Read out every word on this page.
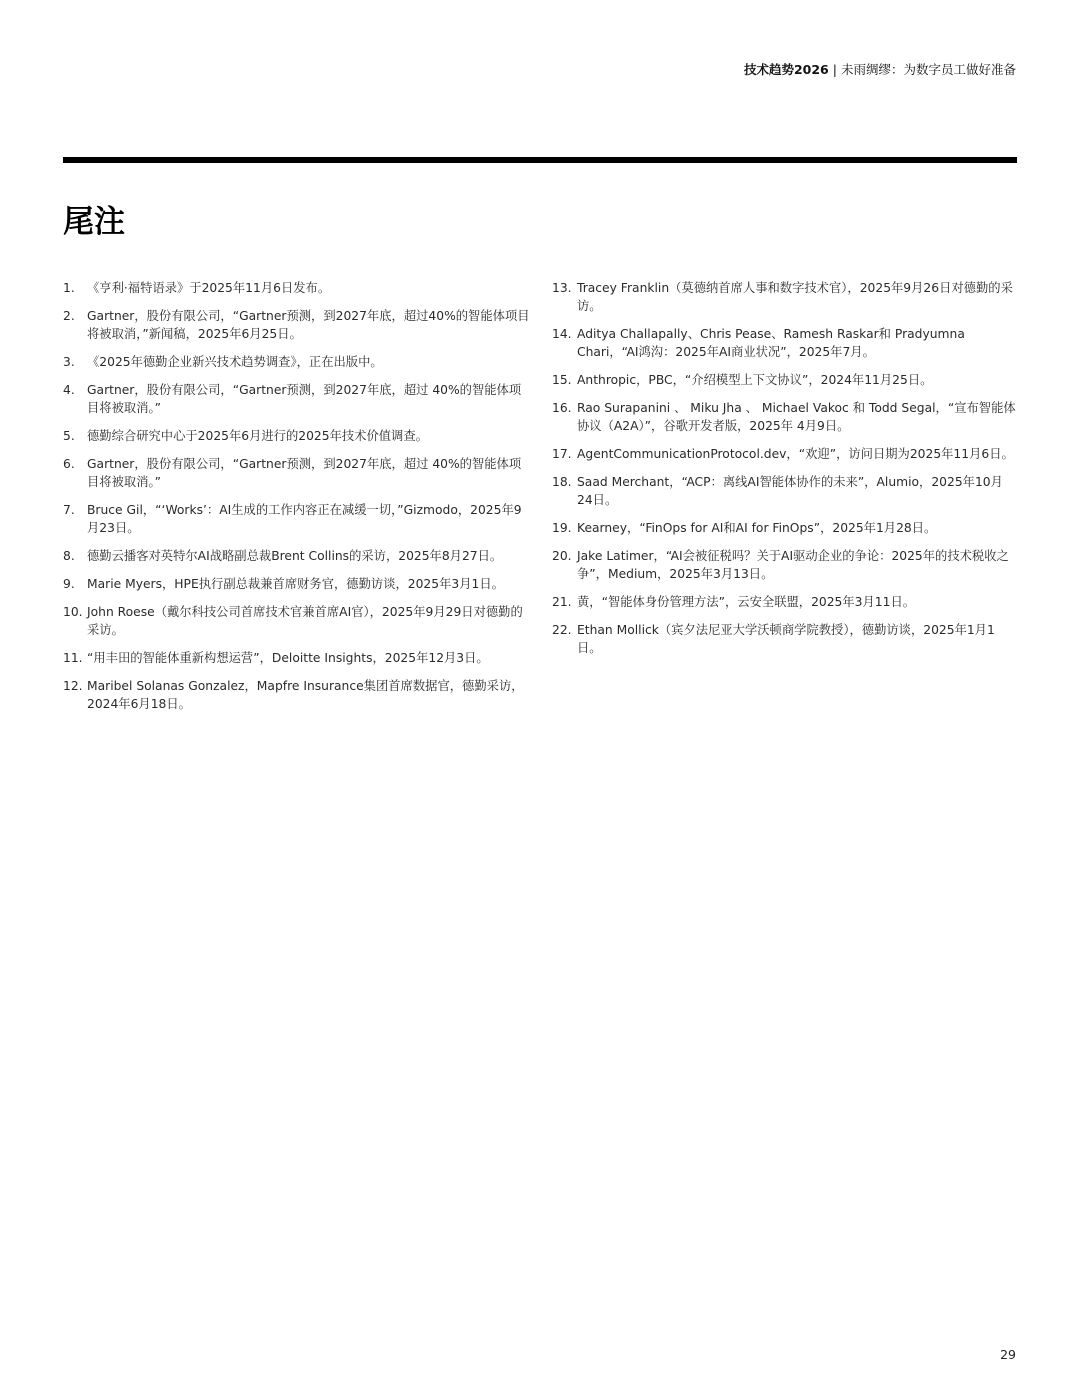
技术趋势2026 | 未雨绸缪：为数字员工做好准备
尾注
1. 《亨利·福特语录》于2025年11月6日发布。
2. Gartner，股份有限公司，“Gartner预测，到2027年底，超过40%的智能体项目将被取消，”新闻稿，2025年6月25日。
3. 《2025年德勤企业新兴技术趋势调查》，正在出版中。
4. Gartner，股份有限公司，“Gartner预测，到2027年底，超过 40%的智能体项目将被取消。”
5. 德勤综合研究中心于2025年6月进行的2025年技术价值调查。
6. Gartner，股份有限公司，“Gartner预测，到2027年底，超过 40%的智能体项目将被取消。”
7. Bruce Gil，“‘Works’：AI生成的工作内容正在减缓一切，”Gizmodo，2025年9月23日。
8. 德勤云播客对英特尔AI战略副总裁Brent Collins的采访，2025年8月27日。
9. Marie Myers，HPE执行副总裁兼首席财务官，德勤访谈，2025年3月1日。
10. John Roese（戴尔科技公司首席技术官兼首席AI官），2025年9月29日对德勤的采访。
11. “用丰田的智能体重新构想运营”，Deloitte Insights，2025年12月3日。
12. Maribel Solanas Gonzalez，Mapfre Insurance集团首席数据官，德勤采访，2024年6月18日。
13. Tracey Franklin（莫德纳首席人事和数字技术官），2025年9月26日对德勤的采访。
14. Aditya Challapally、Chris Pease、Ramesh Raskar和 Pradyumna Chari，“AI鸿沟：2025年AI商业状况”，2025年7月。
15. Anthropic，PBC，“介绍模型上下文协议”，2024年11月25日。
16. Rao Surapanini 、 Miku Jha 、 Michael Vakoc 和 Todd Segal，“宣布智能体协议（A2A）”，谷歌开发者版，2025年 4月9日。
17. AgentCommunicationProtocol.dev，“欢迎”，访问日期为2025年11月6日。
18. Saad Merchant，“ACP：离线AI智能体协作的未来”，Alumio，2025年10月24日。
19. Kearney，“FinOps for AI和AI for FinOps”，2025年1月28日。
20. Jake Latimer，“AI会被征税吗？关于AI驱动企业的争论：2025年的技术税收之争”，Medium，2025年3月13日。
21. 黄，“智能体身份管理方法”，云安全联盟，2025年3月11日。
22. Ethan Mollick（宾夕法尼亚大学沃顿商学院教授），德勤访谈，2025年1月1日。
29
